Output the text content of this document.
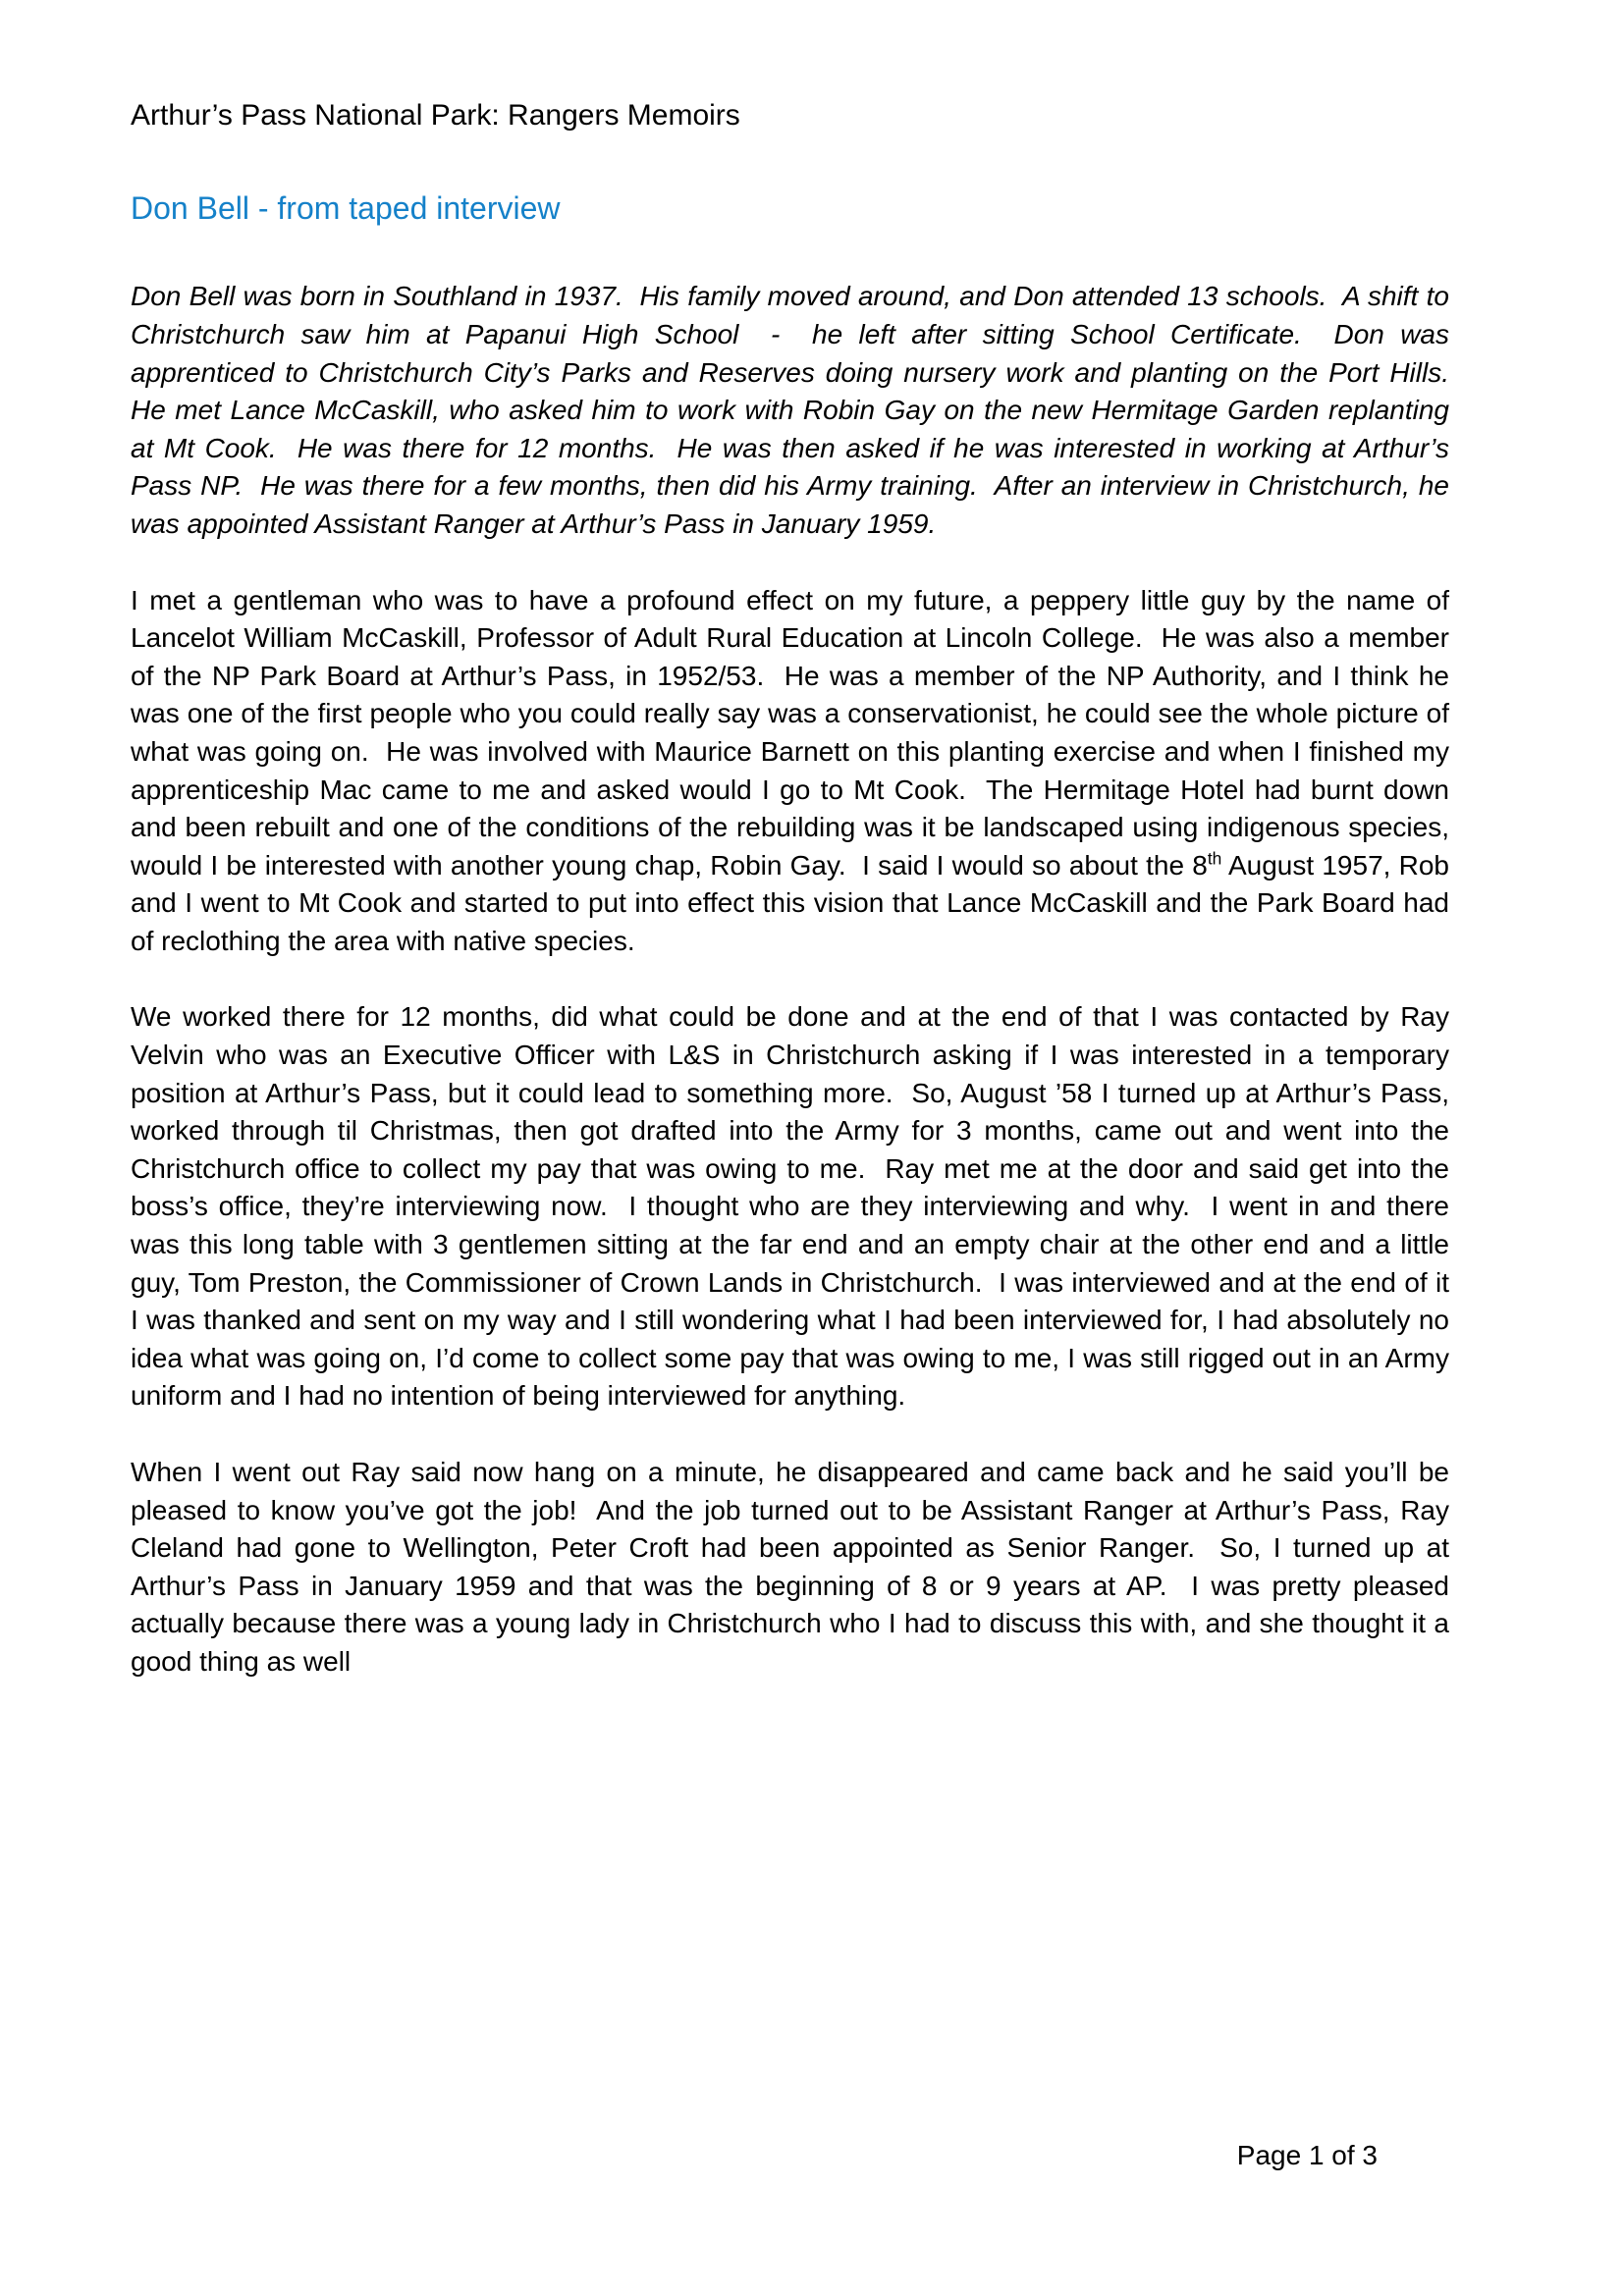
Arthur’s Pass National Park: Rangers Memoirs
Don Bell - from taped interview

Don Bell was born in Southland in 1937.  His family moved around, and Don attended 13 schools.  A shift to Christchurch saw him at Papanui High School  -  he left after sitting School Certificate.  Don was apprenticed to Christchurch City’s Parks and Reserves doing nursery work and planting on the Port Hills.  He met Lance McCaskill, who asked him to work with Robin Gay on the new Hermitage Garden replanting at Mt Cook.  He was there for 12 months.  He was then asked if he was interested in working at Arthur’s Pass NP.  He was there for a few months, then did his Army training.  After an interview in Christchurch, he was appointed Assistant Ranger at Arthur’s Pass in January 1959.

I met a gentleman who was to have a profound effect on my future, a peppery little guy by the name of Lancelot William McCaskill, Professor of Adult Rural Education at Lincoln College.  He was also a member of the NP Park Board at Arthur’s Pass, in 1952/53.  He was a member of the NP Authority, and I think he was one of the first people who you could really say was a conservationist, he could see the whole picture of what was going on.  He was involved with Maurice Barnett on this planting exercise and when I finished my apprenticeship Mac came to me and asked would I go to Mt Cook.  The Hermitage Hotel had burnt down and been rebuilt and one of the conditions of the rebuilding was it be landscaped using indigenous species, would I be interested with another young chap, Robin Gay.  I said I would so about the 8th August 1957, Rob and I went to Mt Cook and started to put into effect this vision that Lance McCaskill and the Park Board had of reclothing the area with native species.

We worked there for 12 months, did what could be done and at the end of that I was contacted by Ray Velvin who was an Executive Officer with L&S in Christchurch asking if I was interested in a temporary position at Arthur’s Pass, but it could lead to something more.  So, August ’58 I turned up at Arthur’s Pass, worked through til Christmas, then got drafted into the Army for 3 months, came out and went into the Christchurch office to collect my pay that was owing to me.  Ray met me at the door and said get into the boss’s office, they’re interviewing now.  I thought who are they interviewing and why.  I went in and there was this long table with 3 gentlemen sitting at the far end and an empty chair at the other end and a little guy, Tom Preston, the Commissioner of Crown Lands in Christchurch.  I was interviewed and at the end of it I was thanked and sent on my way and I still wondering what I had been interviewed for, I had absolutely no idea what was going on, I’d come to collect some pay that was owing to me, I was still rigged out in an Army uniform and I had no intention of being interviewed for anything.

When I went out Ray said now hang on a minute, he disappeared and came back and he said you’ll be pleased to know you’ve got the job!  And the job turned out to be Assistant Ranger at Arthur’s Pass, Ray Cleland had gone to Wellington, Peter Croft had been appointed as Senior Ranger.  So, I turned up at Arthur’s Pass in January 1959 and that was the beginning of 8 or 9 years at AP.  I was pretty pleased actually because there was a young lady in Christchurch who I had to discuss this with, and she thought it a good thing as well

Page 1 of 3
